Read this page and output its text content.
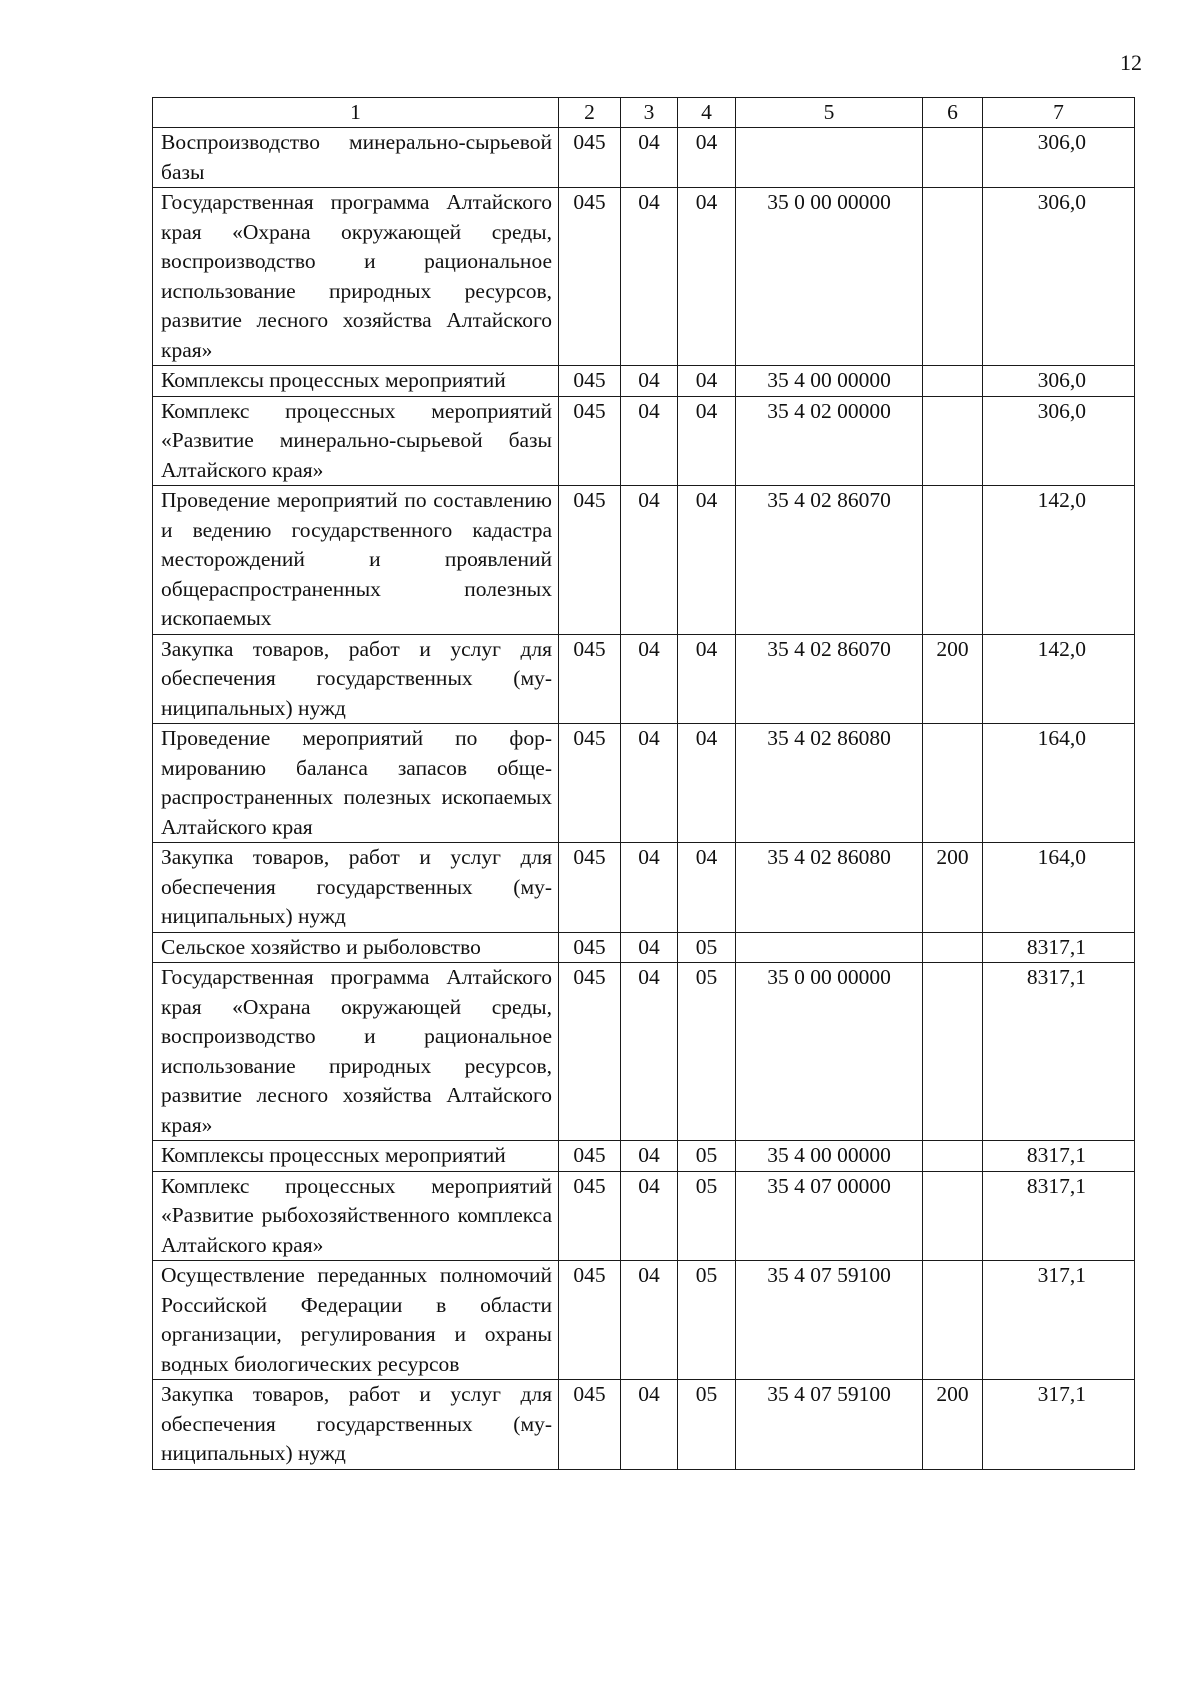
12
1	2	3	4	5	6	7
Воспроизводство минерально-сырьевой базы	045	04	04			306,0
Государственная программа Алтайского края «Охрана окружающей среды, воспроизводство и рациональное использование природных ресурсов, развитие лесного хозяйства Алтайского края»	045	04	04	35 0 00 00000		306,0
Комплексы процессных мероприятий	045	04	04	35 4 00 00000		306,0
Комплекс процессных мероприятий «Развитие минерально-сырьевой базы Алтайского края»	045	04	04	35 4 02 00000		306,0
Проведение мероприятий по составлению и ведению государственного кадастра месторождений и проявлений общераспространенных полезных ископаемых	045	04	04	35 4 02 86070		142,0
Закупка товаров, работ и услуг для обеспечения государственных (муниципальных) нужд	045	04	04	35 4 02 86070	200	142,0
Проведение мероприятий по формированию баланса запасов общераспространенных полезных ископаемых Алтайского края	045	04	04	35 4 02 86080		164,0
Закупка товаров, работ и услуг для обеспечения государственных (муниципальных) нужд	045	04	04	35 4 02 86080	200	164,0
Сельское хозяйство и рыболовство	045	04	05			8317,1
Государственная программа Алтайского края «Охрана окружающей среды, воспроизводство и рациональное использование природных ресурсов, развитие лесного хозяйства Алтайского края»	045	04	05	35 0 00 00000		8317,1
Комплексы процессных мероприятий	045	04	05	35 4 00 00000		8317,1
Комплекс процессных мероприятий «Развитие рыбохозяйственного комплекса Алтайского края»	045	04	05	35 4 07 00000		8317,1
Осуществление переданных полномочий Российской Федерации в области организации, регулирования и охраны водных биологических ресурсов	045	04	05	35 4 07 59100		317,1
Закупка товаров, работ и услуг для обеспечения государственных (муниципальных) нужд	045	04	05	35 4 07 59100	200	317,1
